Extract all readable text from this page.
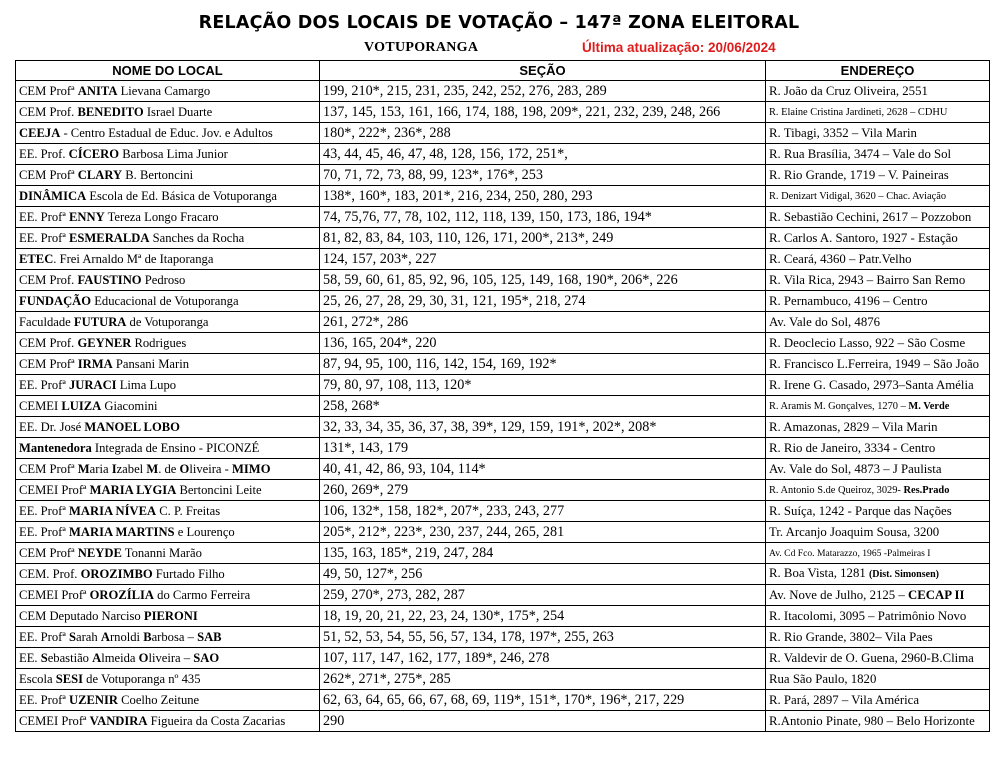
RELAÇÃO DOS LOCAIS DE VOTAÇÃO – 147ª ZONA ELEITORAL
VOTUPORANGA	Última atualização: 20/06/2024
NOME DO LOCAL	SEÇÃO	ENDEREÇO
CEM Profª ANITA Lievana Camargo	199, 210*, 215, 231, 235, 242, 252, 276, 283, 289	R. João da Cruz Oliveira, 2551
CEM Prof. BENEDITO Israel Duarte	137, 145, 153, 161, 166, 174, 188, 198, 209*, 221, 232, 239, 248, 266	R. Elaine Cristina Jardineti, 2628 – CDHU
CEEJA - Centro Estadual de Educ. Jov. e Adultos	180*, 222*, 236*, 288	R. Tibagi, 3352 – Vila Marin
EE. Prof. CÍCERO Barbosa Lima Junior	43, 44, 45, 46, 47, 48, 128, 156, 172, 251*,	R. Rua Brasília, 3474 – Vale do Sol
CEM Profª CLARY B. Bertoncini	70, 71, 72, 73, 88, 99, 123*, 176*, 253	R. Rio Grande, 1719 – V. Paineiras
DINÂMICA Escola de Ed. Básica de Votuporanga	138*, 160*, 183, 201*, 216, 234, 250, 280, 293	R. Denizart Vidigal, 3620 – Chac. Aviação
EE. Profª ENNY Tereza Longo Fracaro	74, 75,76, 77, 78, 102, 112, 118, 139, 150, 173, 186, 194*	R. Sebastião Cechini, 2617 – Pozzobon
EE. Profª ESMERALDA Sanches da Rocha	81, 82, 83, 84, 103, 110, 126, 171, 200*, 213*, 249	R. Carlos A. Santoro, 1927 - Estação
ETEC. Frei Arnaldo Mª de Itaporanga	124, 157, 203*, 227	R. Ceará, 4360 – Patr.Velho
CEM Prof. FAUSTINO Pedroso	58, 59, 60, 61, 85, 92, 96, 105, 125, 149, 168, 190*, 206*, 226	R. Vila Rica, 2943 – Bairro San Remo
FUNDAÇÃO Educacional de Votuporanga	25, 26, 27, 28, 29, 30, 31, 121, 195*, 218, 274	R. Pernambuco, 4196 – Centro
Faculdade FUTURA de Votuporanga	261, 272*, 286	Av. Vale do Sol, 4876
CEM Prof. GEYNER Rodrigues	136, 165, 204*, 220	R. Deoclecio Lasso, 922 – São Cosme
CEM Profª IRMA Pansani Marin	87, 94, 95, 100, 116, 142, 154, 169, 192*	R. Francisco L.Ferreira, 1949 – São João
EE. Profª JURACI Lima Lupo	79, 80, 97, 108, 113, 120*	R. Irene G. Casado, 2973–Santa Amélia
CEMEI LUIZA Giacomini	258, 268*	R. Aramis M. Gonçalves, 1270 – M. Verde
EE. Dr. José MANOEL LOBO	32, 33, 34, 35, 36, 37, 38, 39*, 129, 159, 191*, 202*, 208*	R. Amazonas, 2829 – Vila Marin
Mantenedora Integrada de Ensino - PICONZÉ	131*, 143, 179	R. Rio de Janeiro, 3334 - Centro
CEM Profª Maria Izabel M. de Oliveira - MIMO	40, 41, 42, 86, 93, 104, 114*	Av. Vale do Sol, 4873 – J Paulista
CEMEI Profª MARIA LYGIA Bertoncini Leite	260, 269*, 279	R. Antonio S.de Queiroz, 3029- Res.Prado
EE. Profª MARIA NÍVEA C. P. Freitas	106, 132*, 158, 182*, 207*, 233, 243, 277	R. Suíça, 1242 - Parque das Nações
EE. Profª MARIA MARTINS e Lourenço	205*, 212*, 223*, 230, 237, 244, 265, 281	Tr. Arcanjo Joaquim Sousa, 3200
CEM Profª NEYDE Tonanni Marão	135, 163, 185*, 219, 247, 284	Av. Cd Fco. Matarazzo, 1965 -Palmeiras I
CEM. Prof. OROZIMBO Furtado Filho	49, 50, 127*, 256	R. Boa Vista, 1281 (Dist. Simonsen)
CEMEI Profª OROZÍLIA do Carmo Ferreira	259, 270*, 273, 282, 287	Av. Nove de Julho, 2125 – CECAP II
CEM Deputado Narciso PIERONI	18, 19, 20, 21, 22, 23, 24, 130*, 175*, 254	R. Itacolomi, 3095 – Patrimônio Novo
EE. Profª Sarah Arnoldi Barbosa – SAB	51, 52, 53, 54, 55, 56, 57, 134, 178, 197*, 255, 263	R. Rio Grande, 3802– Vila Paes
EE. Sebastião Almeida Oliveira – SAO	107, 117, 147, 162, 177, 189*, 246, 278	R. Valdevir de O. Guena, 2960-B.Clima
Escola SESI de Votuporanga nº 435	262*, 271*, 275*, 285	Rua São Paulo, 1820
EE. Profª UZENIR Coelho Zeitune	62, 63, 64, 65, 66, 67, 68, 69, 119*, 151*, 170*, 196*, 217, 229	R. Pará, 2897 – Vila América
CEMEI Profª VANDIRA Figueira da Costa Zacarias	290	R.Antonio Pinate, 980 – Belo Horizonte
